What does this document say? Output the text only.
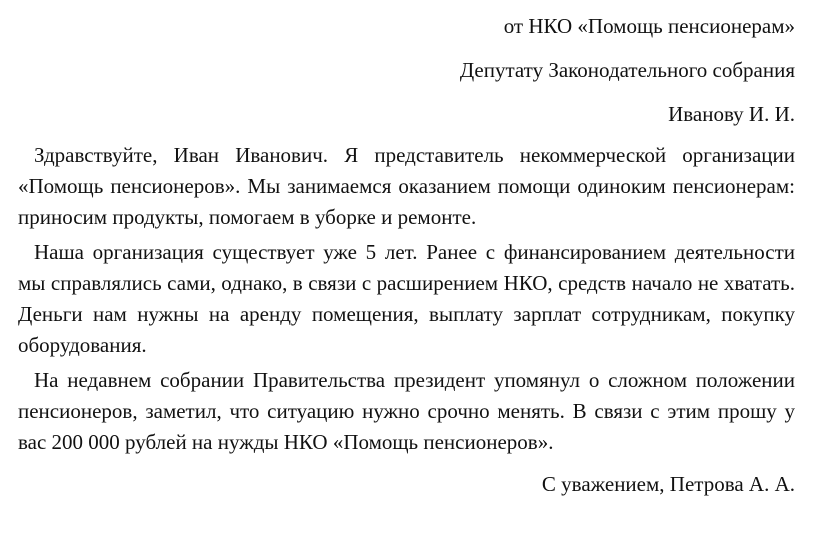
от НКО «Помощь пенсионерам»
Депутату Законодательного собрания
Иванову И. И.

Здравствуйте, Иван Иванович. Я представитель некоммерческой организации «Помощь пенсионеров». Мы занимаемся оказанием помощи одиноким пенсионерам: приносим продукты, помогаем в уборке и ремонте.

Наша организация существует уже 5 лет. Ранее с финансированием деятельности мы справлялись сами, однако, в связи с расширением НКО, средств начало не хватать. Деньги нам нужны на аренду помещения, выплату зарплат сотрудникам, покупку оборудования.

На недавнем собрании Правительства президент упомянул о сложном положении пенсионеров, заметил, что ситуацию нужно срочно менять. В связи с этим прошу у вас 200 000 рублей на нужды НКО «Помощь пенсионеров».

С уважением, Петрова А. А.
